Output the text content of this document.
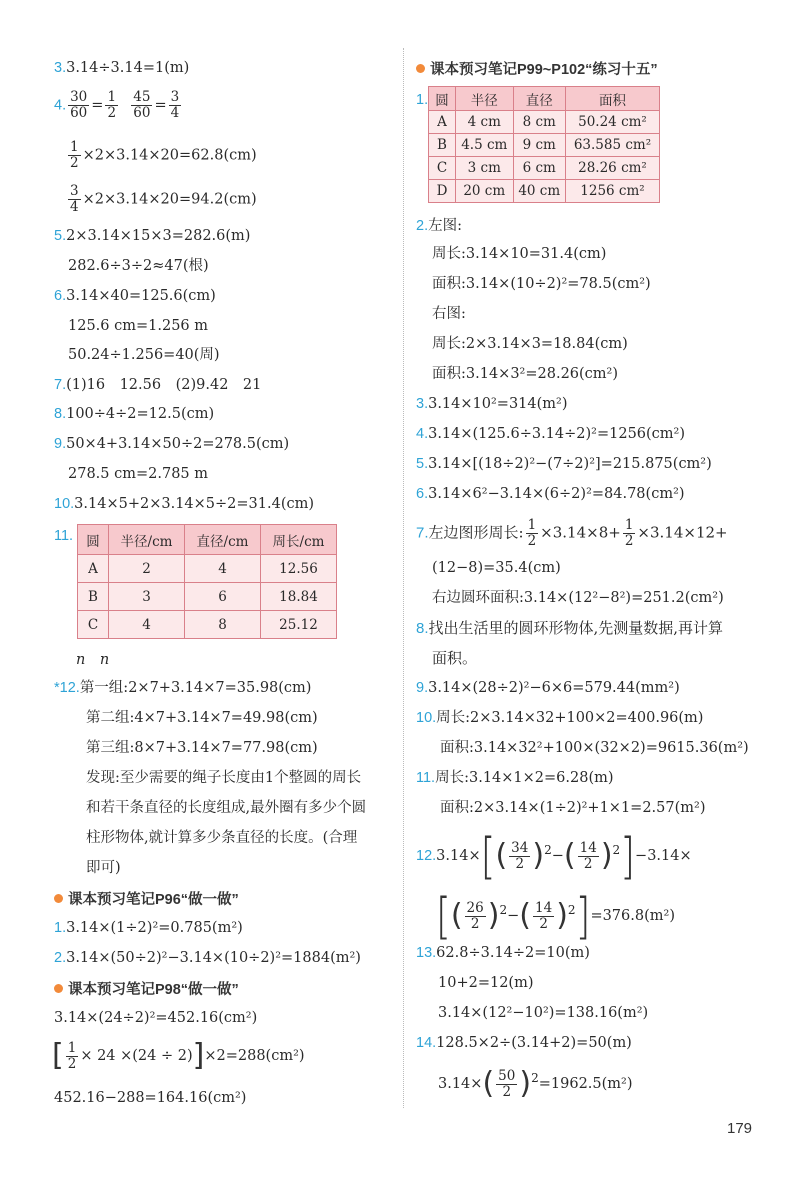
3.3.14÷3.14=1(m)
4. $\frac{30}{60} = \frac{1}{2}$
$\frac{45}{60} = \frac{3}{4}$
$\frac{1}{2} \times 2\times 3.14\times 20=62.8(cm)$
$\frac{3}{4} \times 2\times 3.14\times 20=94.2(cm)$
5.2×3.14×15×3=282.6(m)
282.6÷3÷2≈47(根)
6.3.14×40=125.6(cm)
125.6 cm=1.256 m
50.24÷1.256=40(周)
7.(1)16　12.56　(2)9.42　21
8.100÷4÷2=12.5(cm)
9.50×4+3.14×50÷2=278.5(cm)
278.5 cm=2.785 m
10.3.14×5+2×3.14×5÷2=31.4(cm)
11. 圆	半径/cm	直径/cm	周长/cm
A	2	4	12.56
B	3	6	18.84
C	4	8	25.12
n　n
*12.第一组:2×7+3.14×7=35.98(cm)
第二组:4×7+3.14×7=49.98(cm)
第三组:8×7+3.14×7=77.98(cm)
发现:至少需要的绳子长度由1个整圆的周长
和若干条直径的长度组成,最外圈有多少个圆
柱形物体,就计算多少条直径的长度。(合理
即可)
课本预习笔记P96“做一做”
1.3.14×(1÷2)²=0.785(m²)
2.3.14×(50÷2)²−3.14×(10÷2)²=1884(m²)
课本预习笔记P98“做一做”
3.14×(24÷2)²=452.16(cm²)
[ $\frac{1}{2} \times 24 \times(24 \div 2)]\times 2=288(cm^2)$
452.16−288=164.16(cm²)
课本预习笔记P99~P102“练习十五”
1. 圆	半径	直径	面积
A	4 cm	8 cm	50.24 cm²
B	4.5 cm	9 cm	63.585 cm²
C	3 cm	6 cm	28.26 cm²
D	20 cm	40 cm	1256 cm²
2.左图:
周长:3.14×10=31.4(cm)
面积:3.14×(10÷2)²=78.5(cm²)
右图:
周长:2×3.14×3=18.84(cm)
面积:3.14×3²=28.26(cm²)
3.3.14×10²=314(m²)
4.3.14×(125.6÷3.14÷2)²=1256(cm²)
5.3.14×[(18÷2)²−(7÷2)²]=215.875(cm²)
6.3.14×6²−3.14×(6÷2)²=84.78(cm²)
7.左边图形周长: $\frac{1}{2} \times 3.14\times 8+ \frac{1}{2} \times 3.14\times 12+$
(12−8)=35.4(cm)
右边圆环面积:3.14×(12²−8²)=251.2(cm²)
8.找出生活里的圆环形物体,先测量数据,再计算
面积。
9.3.14×(28÷2)²−6×6=579.44(mm²)
10.周长:2×3.14×32+100×2=400.96(m)
面积:3.14×32²+100×(32×2)=9615.36(m²)
11.周长:3.14×1×2=6.28(m)
面积:2×3.14×(1÷2)²+1×1=2.57(m²)
$12.3.14\times[( \frac{34}{2} )^2-( \frac{14}{2} )^2]-3.14\times$
[( $\frac{26}{2} )^2-( \frac{14}{2} )^2]=376.8(m^2)$
13.62.8÷3.14÷2=10(m)
10+2=12(m)
3.14×(12²−10²)=138.16(m²)
14.128.5×2÷(3.14+2)=50(m)
$3.14\times( \frac{50}{2} )^2=1962.5(m^2)$
179
